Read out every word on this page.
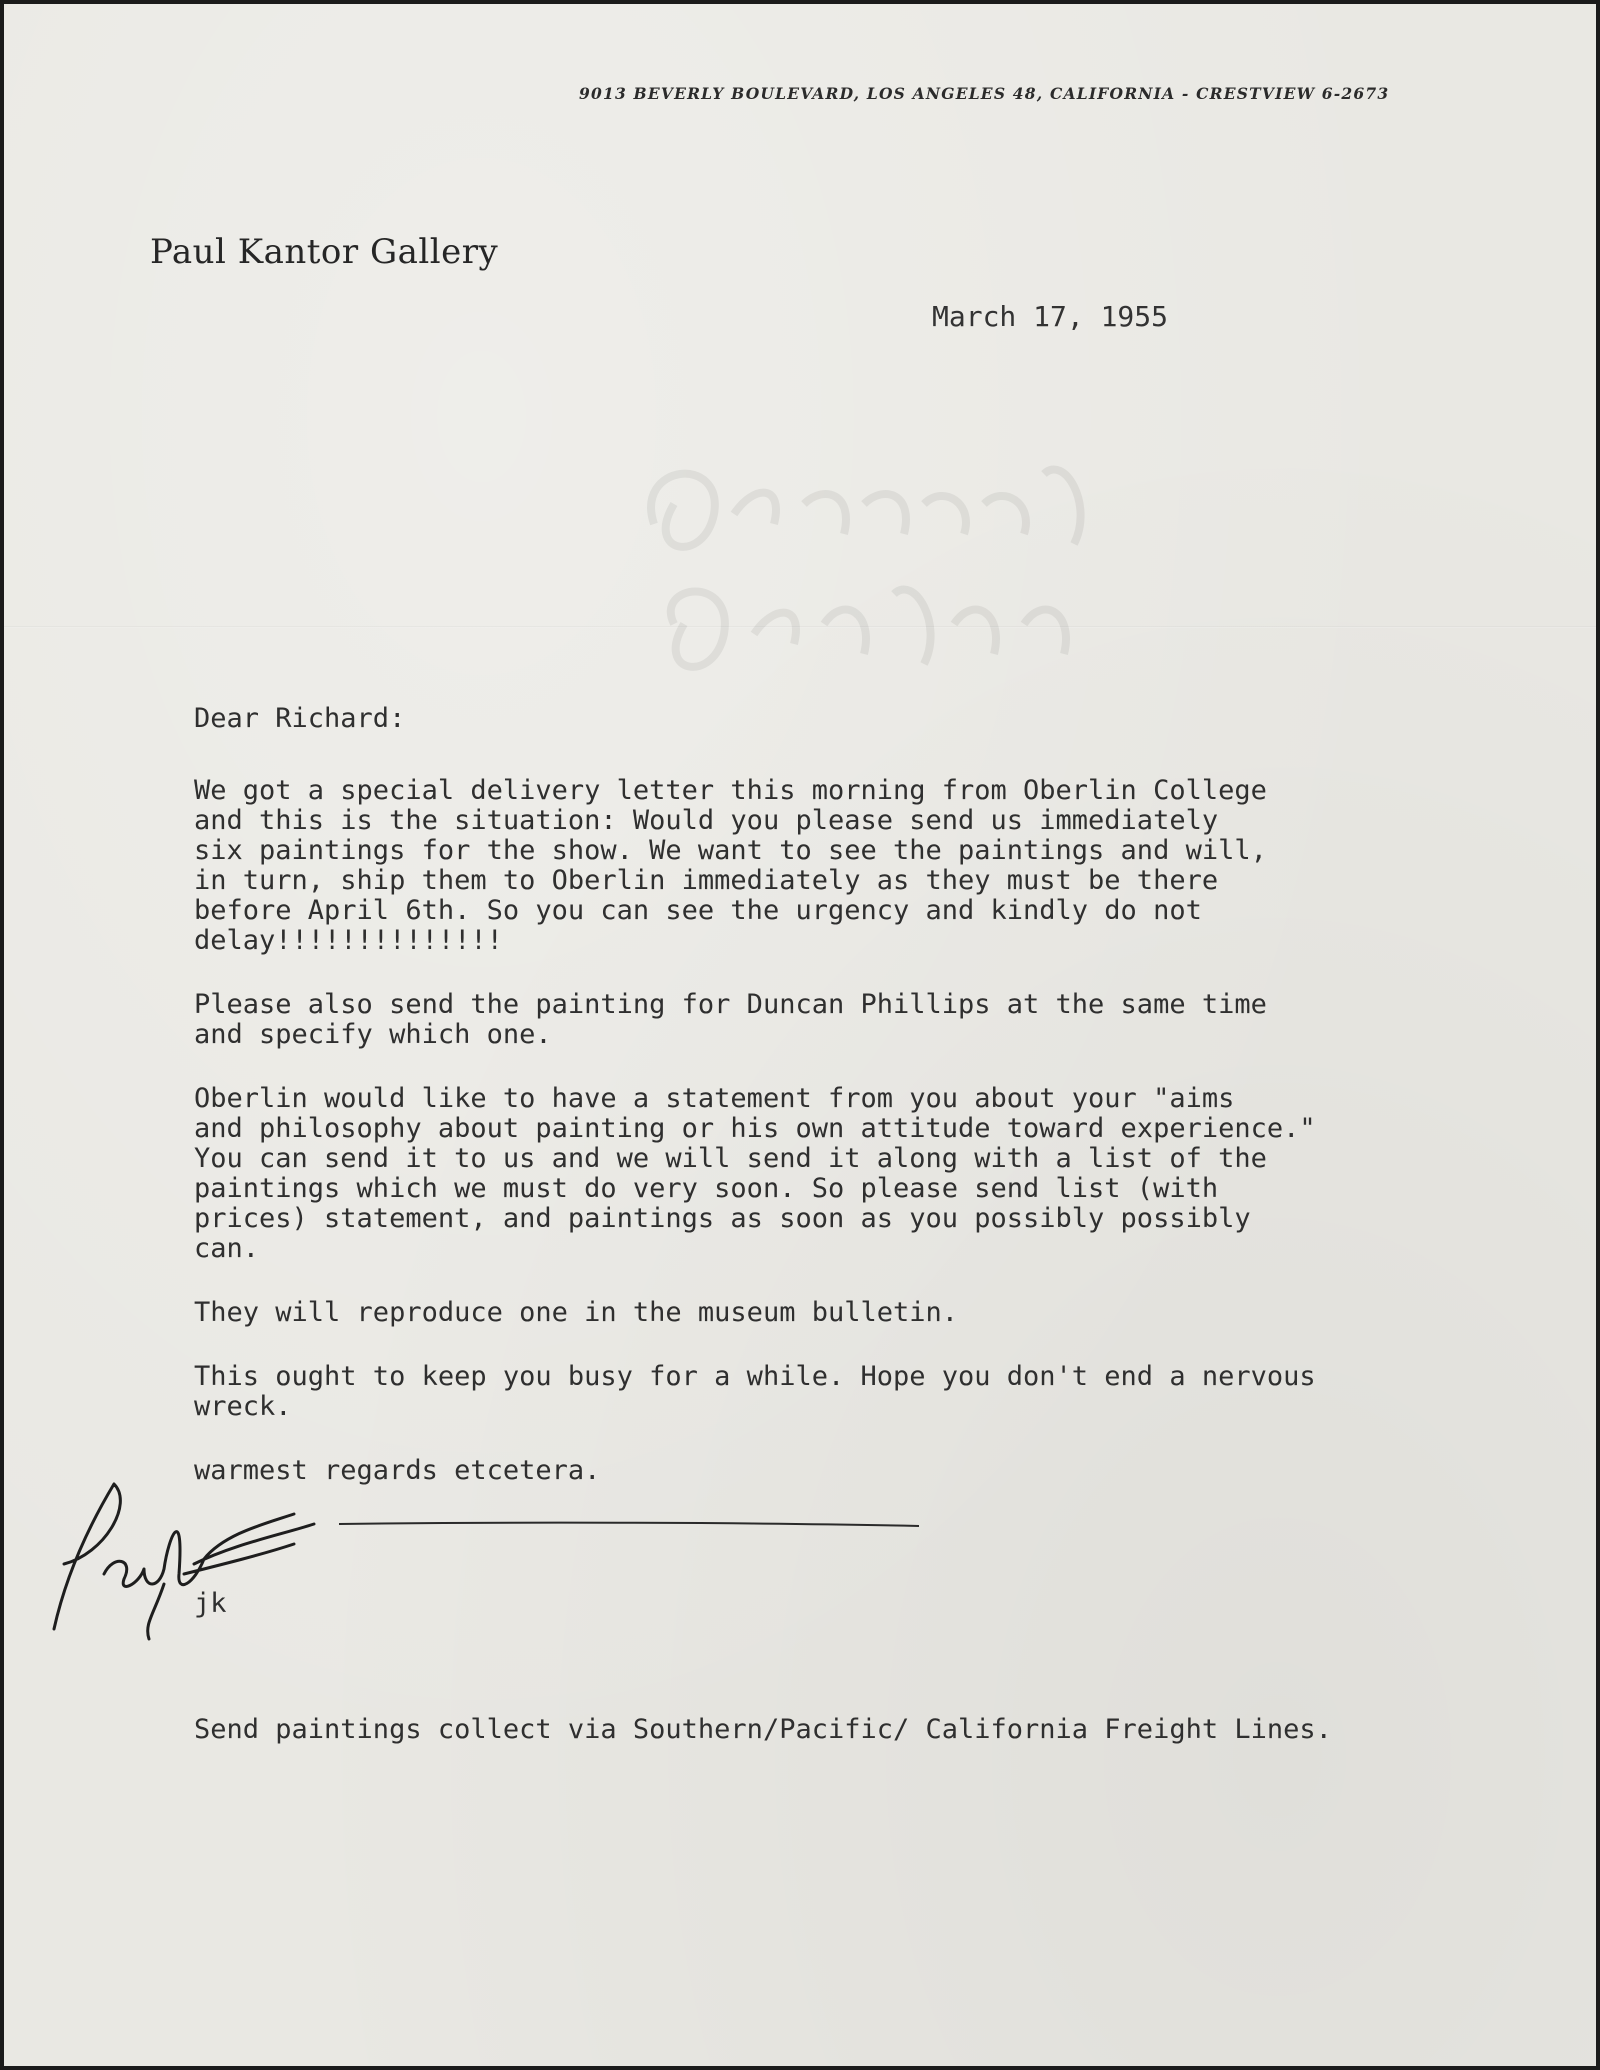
9013 BEVERLY BOULEVARD, LOS ANGELES 48, CALIFORNIA - CRESTVIEW 6-2673
Paul Kantor Gallery
March 17, 1955
Dear Richard:
We got a special delivery letter this morning from Oberlin College
and this is the situation: Would you please send us immediately
six paintings for the show. We want to see the paintings and will,
in turn, ship them to Oberlin immediately as they must be there
before April 6th. So you can see the urgency and kindly do not
delay!!!!!!!!!!!!!!
Please also send the painting for Duncan Phillips at the same time
and specify which one.
Oberlin would like to have a statement from you about your "aims
and philosophy about painting or his own attitude toward experience."
You can send it to us and we will send it along with a list of the
paintings which we must do very soon. So please send list (with
prices) statement, and paintings as soon as you possibly possibly
can.
They will reproduce one in the museum bulletin.
This ought to keep you busy for a while. Hope you don't end a nervous
wreck.
warmest regards etcetera.
jk
Send paintings collect via Southern/Pacific/ California Freight Lines.
